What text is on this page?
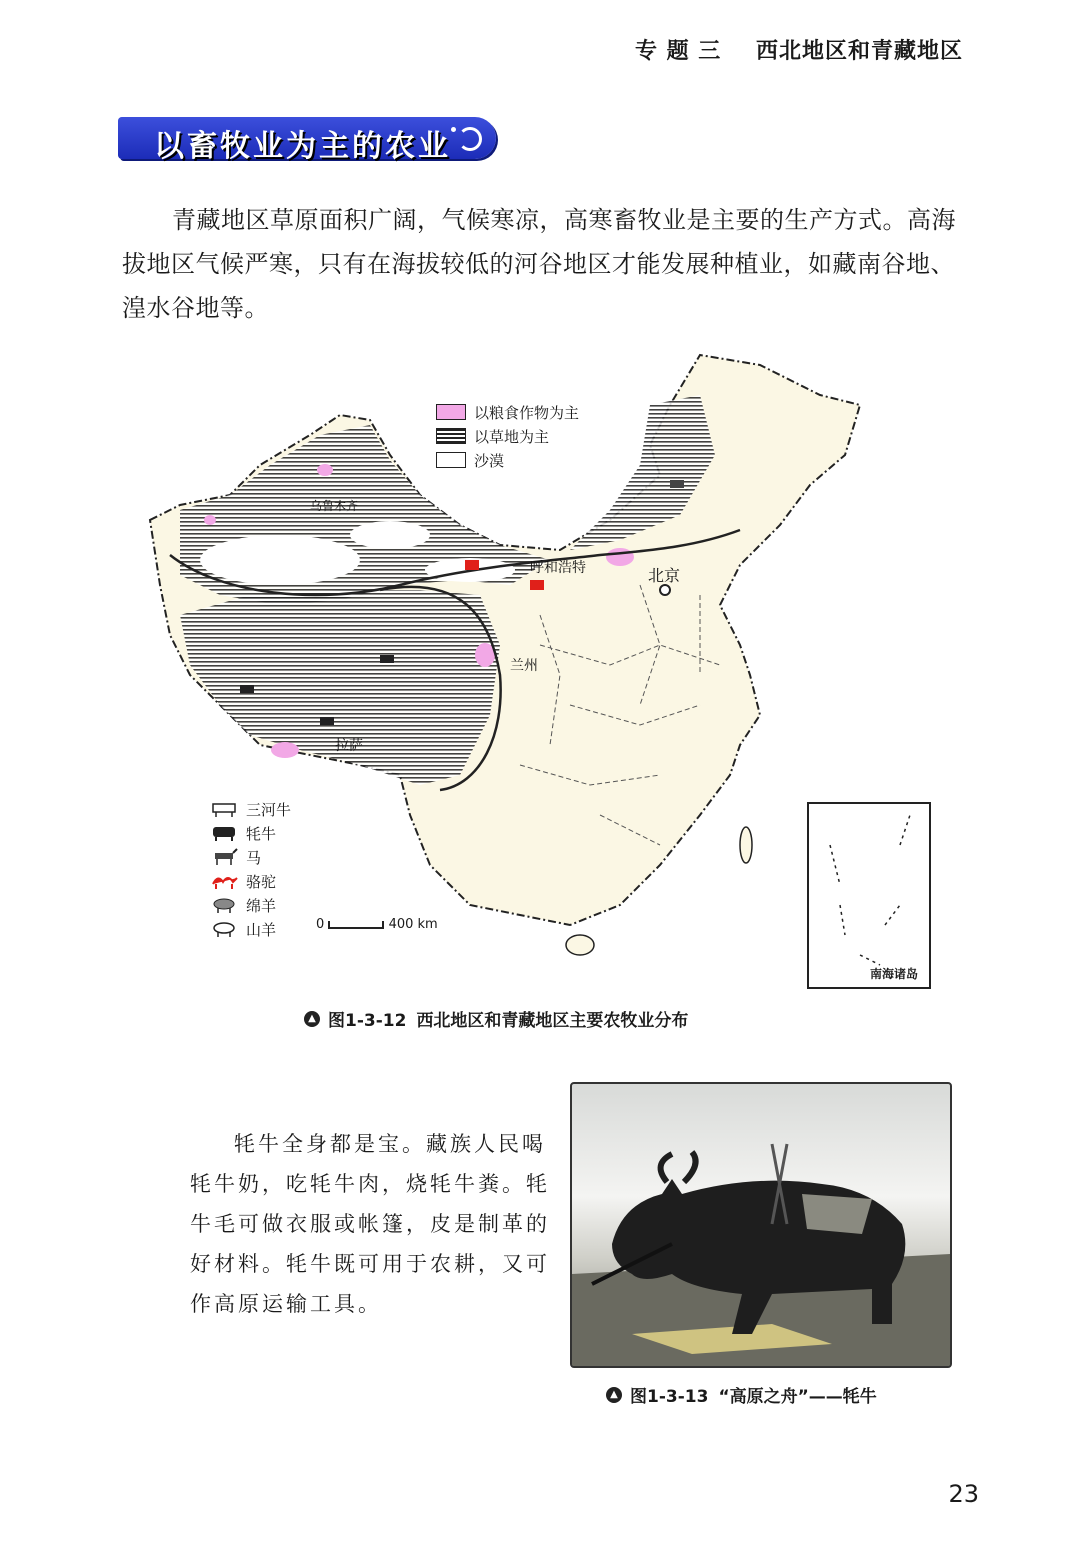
专 题 三 西北地区和青藏地区
以畜牧业为主的农业
青藏地区草原面积广阔，气候寒凉，高寒畜牧业是主要的生产方式。高海拔地区气候严寒，只有在海拔较低的河谷地区才能发展种植业，如藏南谷地、湟水谷地等。
以粮食作物为主
以草地为主
沙漠
呼和浩特	北京
兰州
拉萨
乌鲁木齐
三河牛
牦牛
马
骆驼
绵羊
山羊	0	400 km
南海诸岛
▲ 图1-3-12 西北地区和青藏地区主要农牧业分布
牦牛全身都是宝。藏族人民喝牦牛奶，吃牦牛肉，烧牦牛粪。牦牛毛可做衣服或帐篷，皮是制革的好材料。牦牛既可用于农耕，又可作高原运输工具。
▲ 图1-3-13 “高原之舟”——牦牛
23
